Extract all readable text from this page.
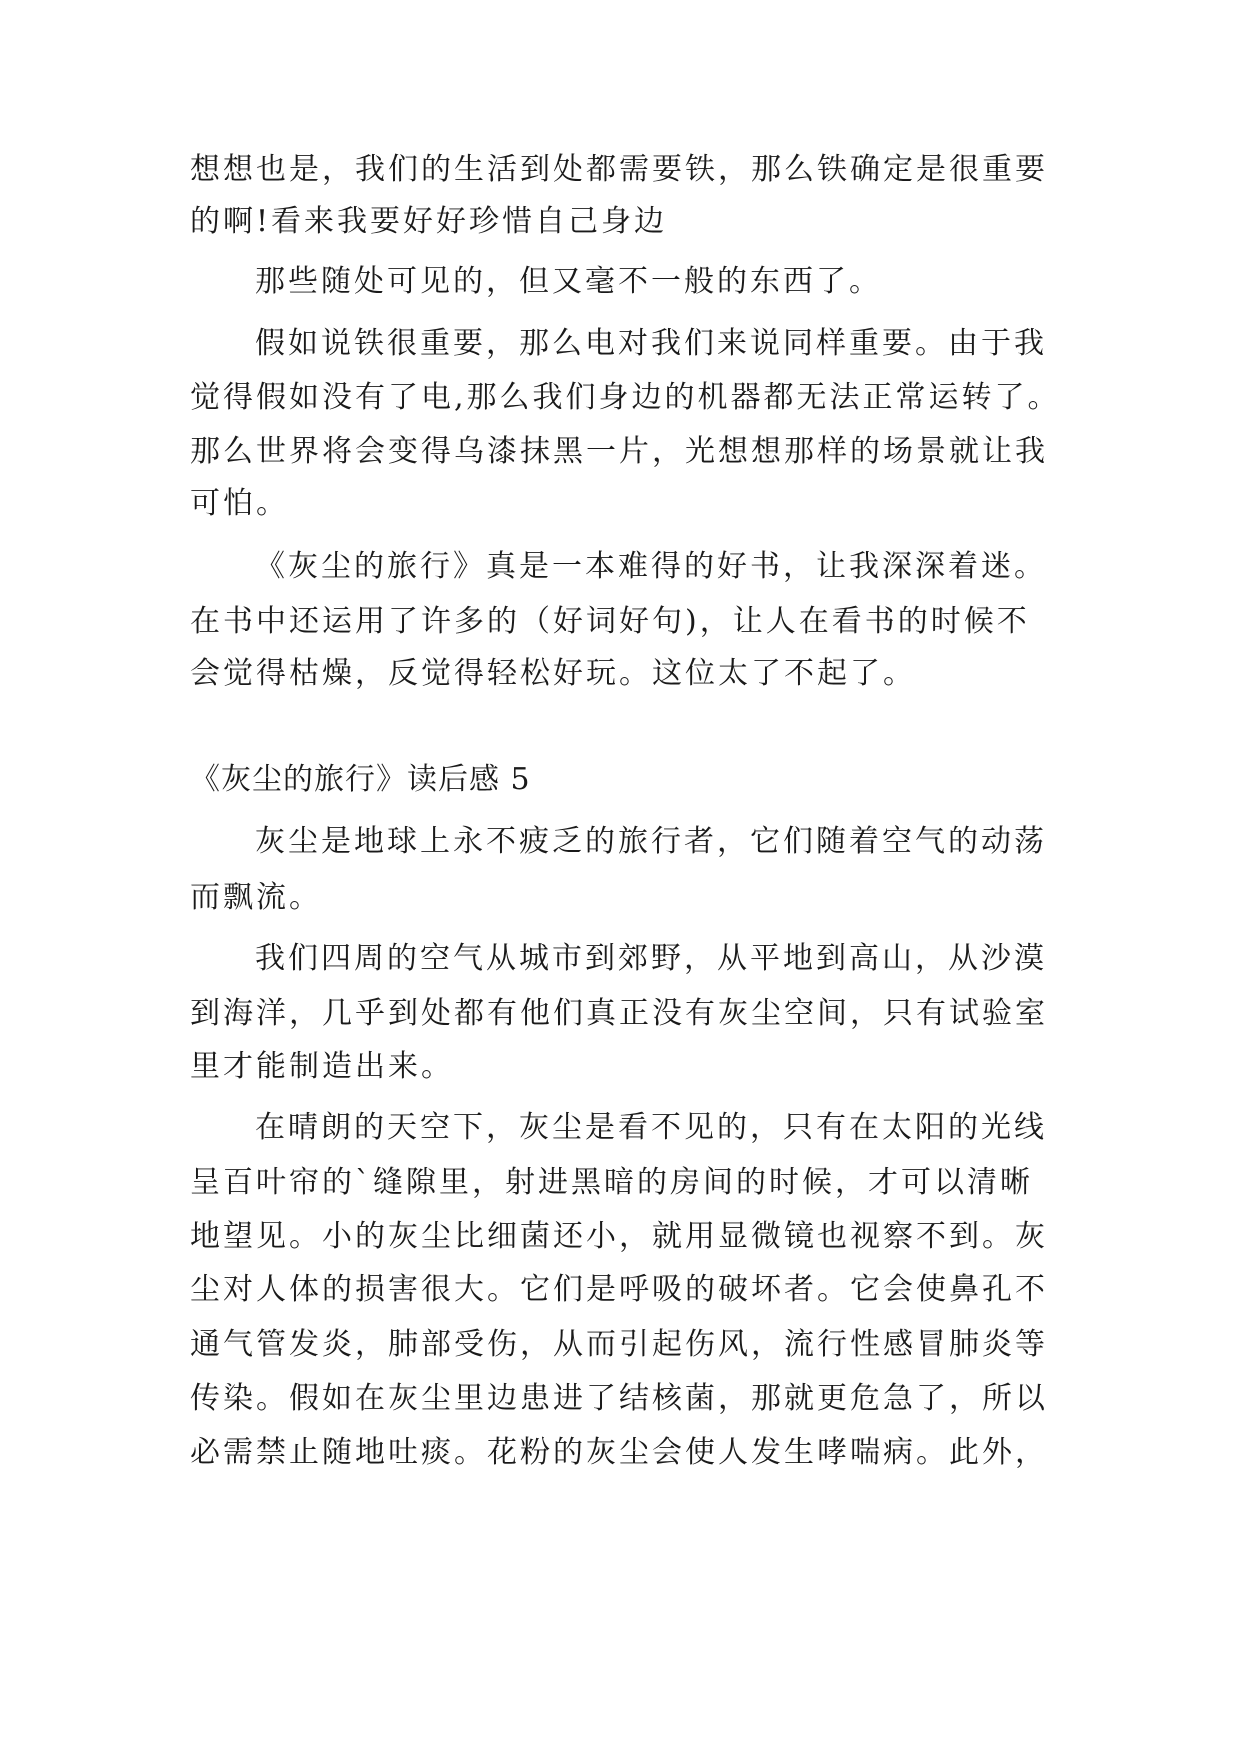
想想也是，我们的生活到处都需要铁，那么铁确定是很重要
的啊!看来我要好好珍惜自己身边
那些随处可见的，但又毫不一般的东西了。
假如说铁很重要，那么电对我们来说同样重要。由于我
觉得假如没有了电,那么我们身边的机器都无法正常运转了。
那么世界将会变得乌漆抹黑一片，光想想那样的场景就让我
可怕。
《灰尘的旅行》真是一本难得的好书，让我深深着迷。
在书中还运用了许多的（好词好句)，让人在看书的时候不
会觉得枯燥，反觉得轻松好玩。这位太了不起了。
《灰尘的旅行》读后感 5
灰尘是地球上永不疲乏的旅行者，它们随着空气的动荡
而飘流。
我们四周的空气从城市到郊野，从平地到高山，从沙漠
到海洋，几乎到处都有他们真正没有灰尘空间，只有试验室
里才能制造出来。
在晴朗的天空下，灰尘是看不见的，只有在太阳的光线
呈百叶帘的`缝隙里，射进黑暗的房间的时候，才可以清晰
地望见。小的灰尘比细菌还小，就用显微镜也视察不到。灰
尘对人体的损害很大。它们是呼吸的破坏者。它会使鼻孔不
通气管发炎，肺部受伤，从而引起伤风，流行性感冒肺炎等
传染。假如在灰尘里边患进了结核菌，那就更危急了，所以
必需禁止随地吐痰。花粉的灰尘会使人发生哮喘病。此外，
